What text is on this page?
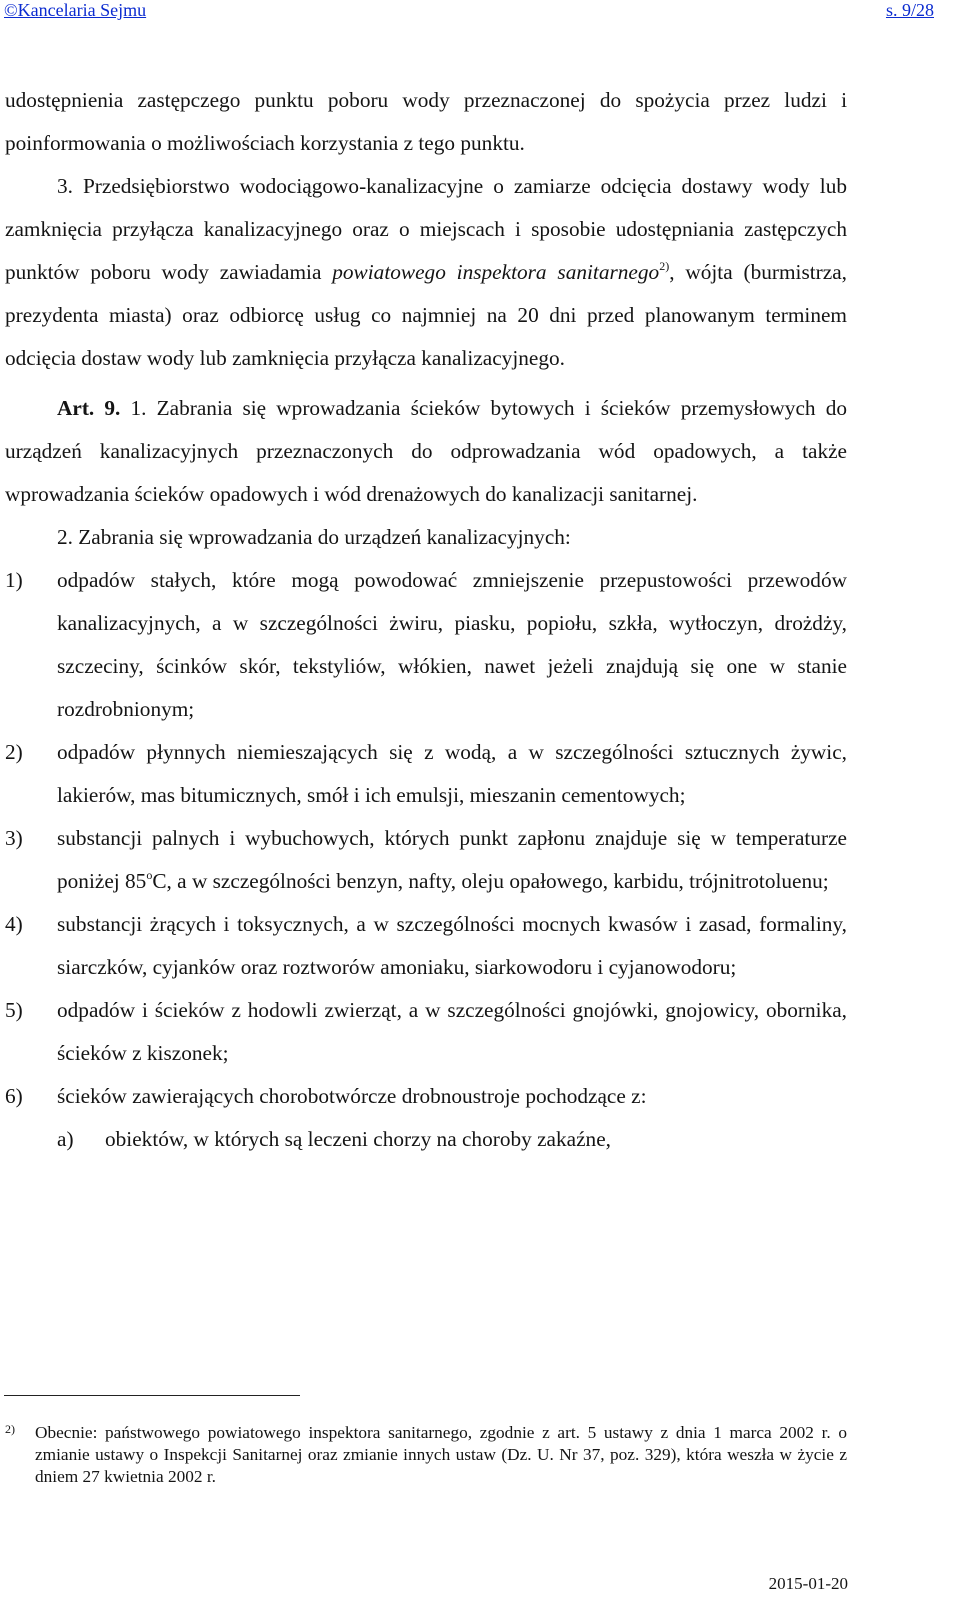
©Kancelaria Sejmu	s. 9/28

udostępnienia zastępczego punktu poboru wody przeznaczonej do spożycia przez ludzi i poinformowania o możliwościach korzystania z tego punktu.

3. Przedsiębiorstwo wodociągowo-kanalizacyjne o zamiarze odcięcia dostawy wody lub zamknięcia przyłącza kanalizacyjnego oraz o miejscach i sposobie udostępniania zastępczych punktów poboru wody zawiadamia powiatowego inspektora sanitarnego$^{2)}$, wójta (burmistrza, prezydenta miasta) oraz odbiorcę usług co najmniej na 20 dni przed planowanym terminem odcięcia dostaw wody lub zamknięcia przyłącza kanalizacyjnego.

Art. 9. 1. Zabrania się wprowadzania ścieków bytowych i ścieków przemysłowych do urządzeń kanalizacyjnych przeznaczonych do odprowadzania wód opadowych, a także wprowadzania ścieków opadowych i wód drenażowych do kanalizacji sanitarnej.

2. Zabrania się wprowadzania do urządzeń kanalizacyjnych:

1) odpadów stałych, które mogą powodować zmniejszenie przepustowości przewodów kanalizacyjnych, a w szczególności żwiru, piasku, popiołu, szkła, wytłoczyn, drożdży, szczeciny, ścinków skór, tekstyliów, włókien, nawet jeżeli znajdują się one w stanie rozdrobnionym;
2) odpadów płynnych niemieszających się z wodą, a w szczególności sztucznych żywic, lakierów, mas bitumicznych, smół i ich emulsji, mieszanin cementowych;
3) substancji palnych i wybuchowych, których punkt zapłonu znajduje się w temperaturze poniżej 85$^o$C, a w szczególności benzyn, nafty, oleju opałowego, karbidu, trójnitrotoluenu;
4) substancji żrących i toksycznych, a w szczególności mocnych kwasów i zasad, formaliny, siarczków, cyjanków oraz roztworów amoniaku, siarkowodoru i cyjanowodoru;
5) odpadów i ścieków z hodowli zwierząt, a w szczególności gnojówki, gnojowicy, obornika, ścieków z kiszonek;
6) ścieków zawierających chorobotwórcze drobnoustroje pochodzące z:
a) obiektów, w których są leczeni chorzy na choroby zakaźne,
2) Obecnie: państwowego powiatowego inspektora sanitarnego, zgodnie z art. 5 ustawy z dnia 1 marca 2002 r. o zmianie ustawy o Inspekcji Sanitarnej oraz zmianie innych ustaw (Dz. U. Nr 37, poz. 329), która weszła w życie z dniem 27 kwietnia 2002 r.
2015-01-20
